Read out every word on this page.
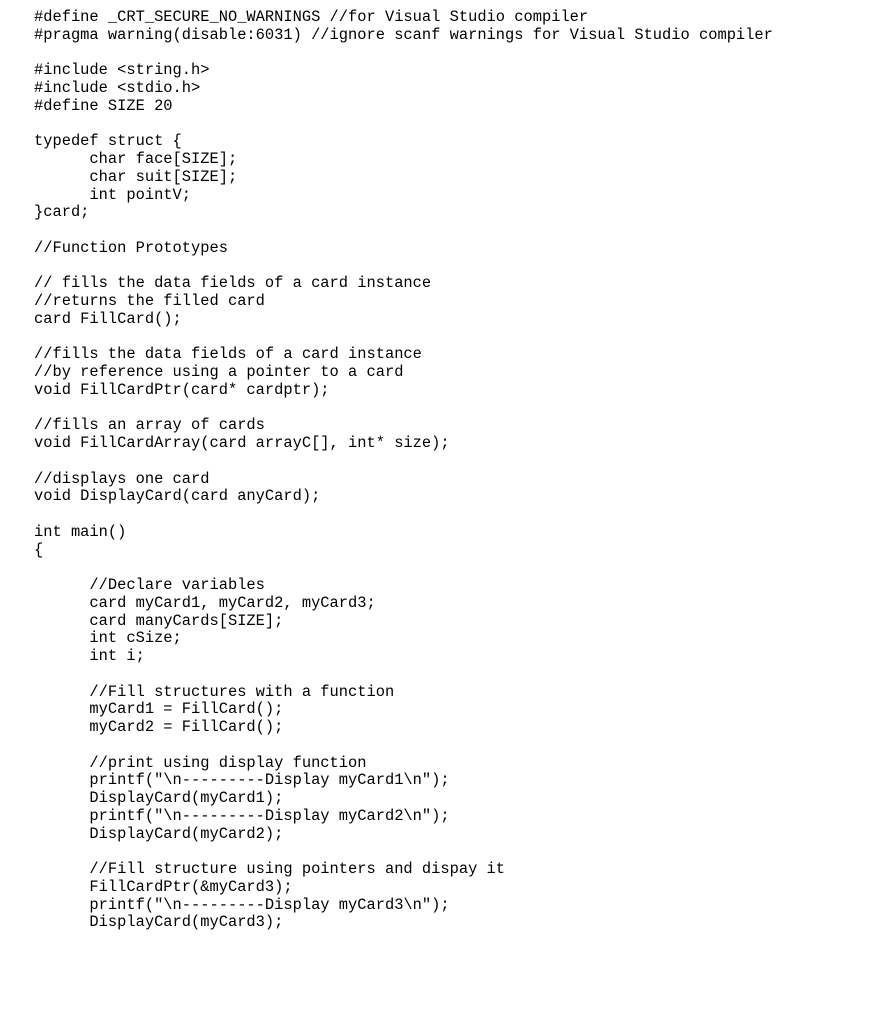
#define _CRT_SECURE_NO_WARNINGS //for Visual Studio compiler
#pragma warning(disable:6031) //ignore scanf warnings for Visual Studio compiler
#include <string.h>
#include <stdio.h>
#define SIZE 20
typedef struct {
char face[SIZE];
char suit[SIZE];
int pointV;
}card;
//Function Prototypes
// fills the data fields of a card instance
//returns the filled card
card FillCard();
//fills the data fields of a card instance
//by reference using a pointer to a card
void FillCardPtr(card* cardptr);
//fills an array of cards
void FillCardArray(card arrayC[], int* size);
//displays one card
void DisplayCard(card anyCard);
int main()
{
//Declare variables
card myCard1, myCard2, myCard3;
card manyCards[SIZE];
int cSize;
int i;
//Fill structures with a function
myCard1 = FillCard();
myCard2 = FillCard();
//print using display function
printf("\n---------Display myCard1\n");
DisplayCard(myCard1);
printf("\n---------Display myCard2\n");
DisplayCard(myCard2);
//Fill structure using pointers and dispay it
FillCardPtr(&myCard3);
printf("\n---------Display myCard3\n");
DisplayCard(myCard3);
